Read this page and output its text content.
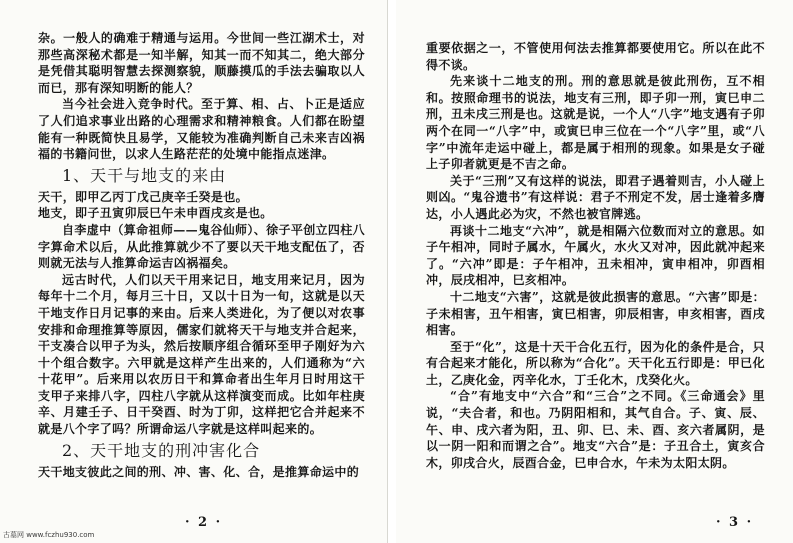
杂。一般人的确难于精通与运用。今世间一些江湖术士，对那些高深秘术都是一知半解，知其一而不知其二，绝大部分是凭借其聪明智慧去探测察貌，顺藤摸瓜的手法去骗取以人而已，那有深知明断的能人？

当今社会进入竞争时代。至于算、相、占、卜正是适应了人们追求事业出路的心理需求和精神粮食。人们都在盼望能有一种既简快且易学，又能较为准确判断自己未来吉凶祸福的书籍问世，以求人生路茫茫的处境中能指点迷津。

1、天干与地支的来由

天干，即甲乙丙丁戊己庚辛壬癸是也。

地支，即子丑寅卯辰巳午未申酉戌亥是也。

自李虚中（算命祖师——鬼谷仙师）、徐子平创立四柱八字算命术以后，从此推算就少不了要以天干地支配伍了，否则就无法与人推算命运吉凶祸福矣。

远古时代，人们以天干用来记日，地支用来记月，因为每年十二个月，每月三十日，又以十日为一旬，这就是以天干地支作日月记事的来由。后来人类进化，为了便以对农事安排和命理推算等原因，儒家们就将天干与地支并合起来，干支凑合以甲子为头，然后按顺序组合循环至甲子刚好为六十个组合数字。六甲就是这样产生出来的，人们通称为“六十花甲”。后来用以农历日干和算命者出生年月日时用这干支甲子来排八字，四柱八字就从这样演变而成。比如年柱庚辛、月建壬子、日干癸酉、时为丁卯，这样把它合并起来不就是八个字了吗？所谓命运八字就是这样叫起来的。

2、天干地支的刑冲害化合

天干地支彼此之间的刑、冲、害、化、合，是推算命运中的

· 2 ·

重要依据之一，不管使用何法去推算都要使用它。所以在此不得不谈。

先来谈十二地支的刑。刑的意思就是彼此刑伤，互不相和。按照命理书的说法，地支有三刑，即子卯一刑，寅巳申二刑，丑未戌三刑是也。这就是说，一个人“八字”地支遇有子卯两个在同一“八字”中，或寅巳申三位在一个“八字”里，或“八字”中流年走运中碰上，都是属于相刑的现象。如果是女子碰上子卯者就更是不吉之命。

关于“三刑”又有这样的说法，即君子遇着则吉，小人碰上则凶。“鬼谷遗书”有这样说：君子不刑定不发，居士逢着多膺达，小人遇此必为灾，不然也被官牌逃。

再谈十二地支“六冲”，就是相隔六位数而对立的意思。如子午相冲，同时子属水，午属火，水火又对冲，因此就冲起来了。“六冲”即是：子午相冲，丑未相冲，寅申相冲，卯酉相冲，辰戌相冲，巳亥相冲。

十二地支“六害”，这就是彼此损害的意思。“六害”即是：子未相害，丑午相害，寅巳相害，卯辰相害，申亥相害，酉戌相害。

至于“化”，这是十天干合化五行，因为化的条件是合，只有合起来才能化，所以称为“合化”。天干化五行即是：甲已化土，乙庚化金，丙辛化水，丁壬化木，戊癸化火。

“合”有地支中“六合”和“三合”之不同。《三命通会》里说，“夫合者，和也。乃阴阳相和，其气自合。子、寅、辰、午、申、戌六者为阳，丑、卯、巳、未、酉、亥六者属阴，是以一阴一阳和而谓之合”。地支“六合”是：子丑合土，寅亥合木，卯戌合火，辰酉合金，巳申合水，午未为太阳太阴。

· 3 ·
古墓网 www.fczhu930.com
